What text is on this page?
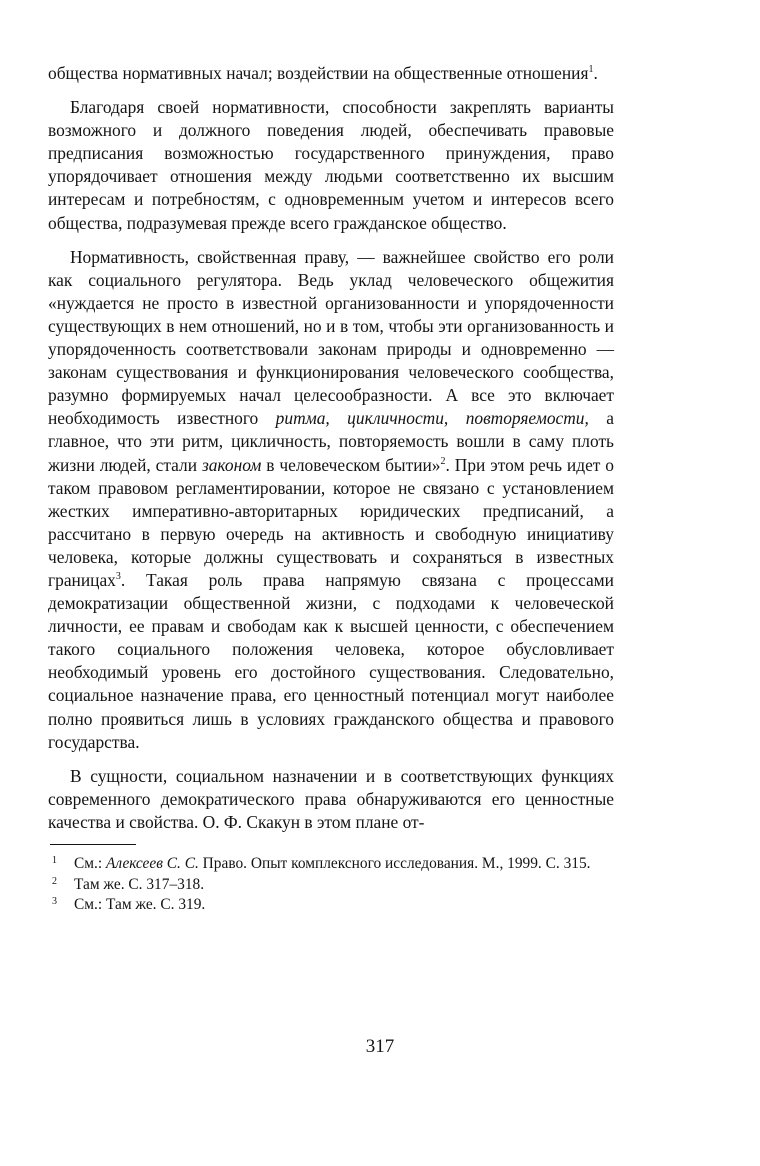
общества нормативных начал; воздействии на общественные отношения$^1$.

Благодаря своей нормативности, способности закреплять варианты возможного и должного поведения людей, обеспечивать правовые предписания возможностью государственного принуждения, право упорядочивает отношения между людьми соответственно их высшим интересам и потребностям, с одновременным учетом и интересов всего общества, подразумевая прежде всего гражданское общество.

Нормативность, свойственная праву, — важнейшее свойство его роли как социального регулятора. Ведь уклад человеческого общежития «нуждается не просто в известной организованности и упорядоченности существующих в нем отношений, но и в том, чтобы эти организованность и упорядоченность соответствовали законам природы и одновременно — законам существования и функционирования человеческого сообщества, разумно формируемых начал целесообразности. А все это включает необходимость известного ритма, цикличности, повторяемости, а главное, что эти ритм, цикличность, повторяемость вошли в саму плоть жизни людей, стали законом в человеческом бытии»$^2$. При этом речь идет о таком правовом регламентировании, которое не связано с установлением жестких императивно-авторитарных юридических предписаний, а рассчитано в первую очередь на активность и свободную инициативу человека, которые должны существовать и сохраняться в известных границах$^3$. Такая роль права напрямую связана с процессами демократизации общественной жизни, с подходами к человеческой личности, ее правам и свободам как к высшей ценности, с обеспечением такого социального положения человека, которое обусловливает необходимый уровень его достойного существования. Следовательно, социальное назначение права, его ценностный потенциал могут наиболее полно проявиться лишь в условиях гражданского общества и правового государства.

В сущности, социальном назначении и в соответствующих функциях современного демократического права обнаруживаются его ценностные качества и свойства. О. Ф. Скакун в этом плане от-

1 См.: Алексеев С. С. Право. Опыт комплексного исследования. М., 1999. С. 315.

2 Там же. С. 317–318.

3 См.: Там же. С. 319.

317
